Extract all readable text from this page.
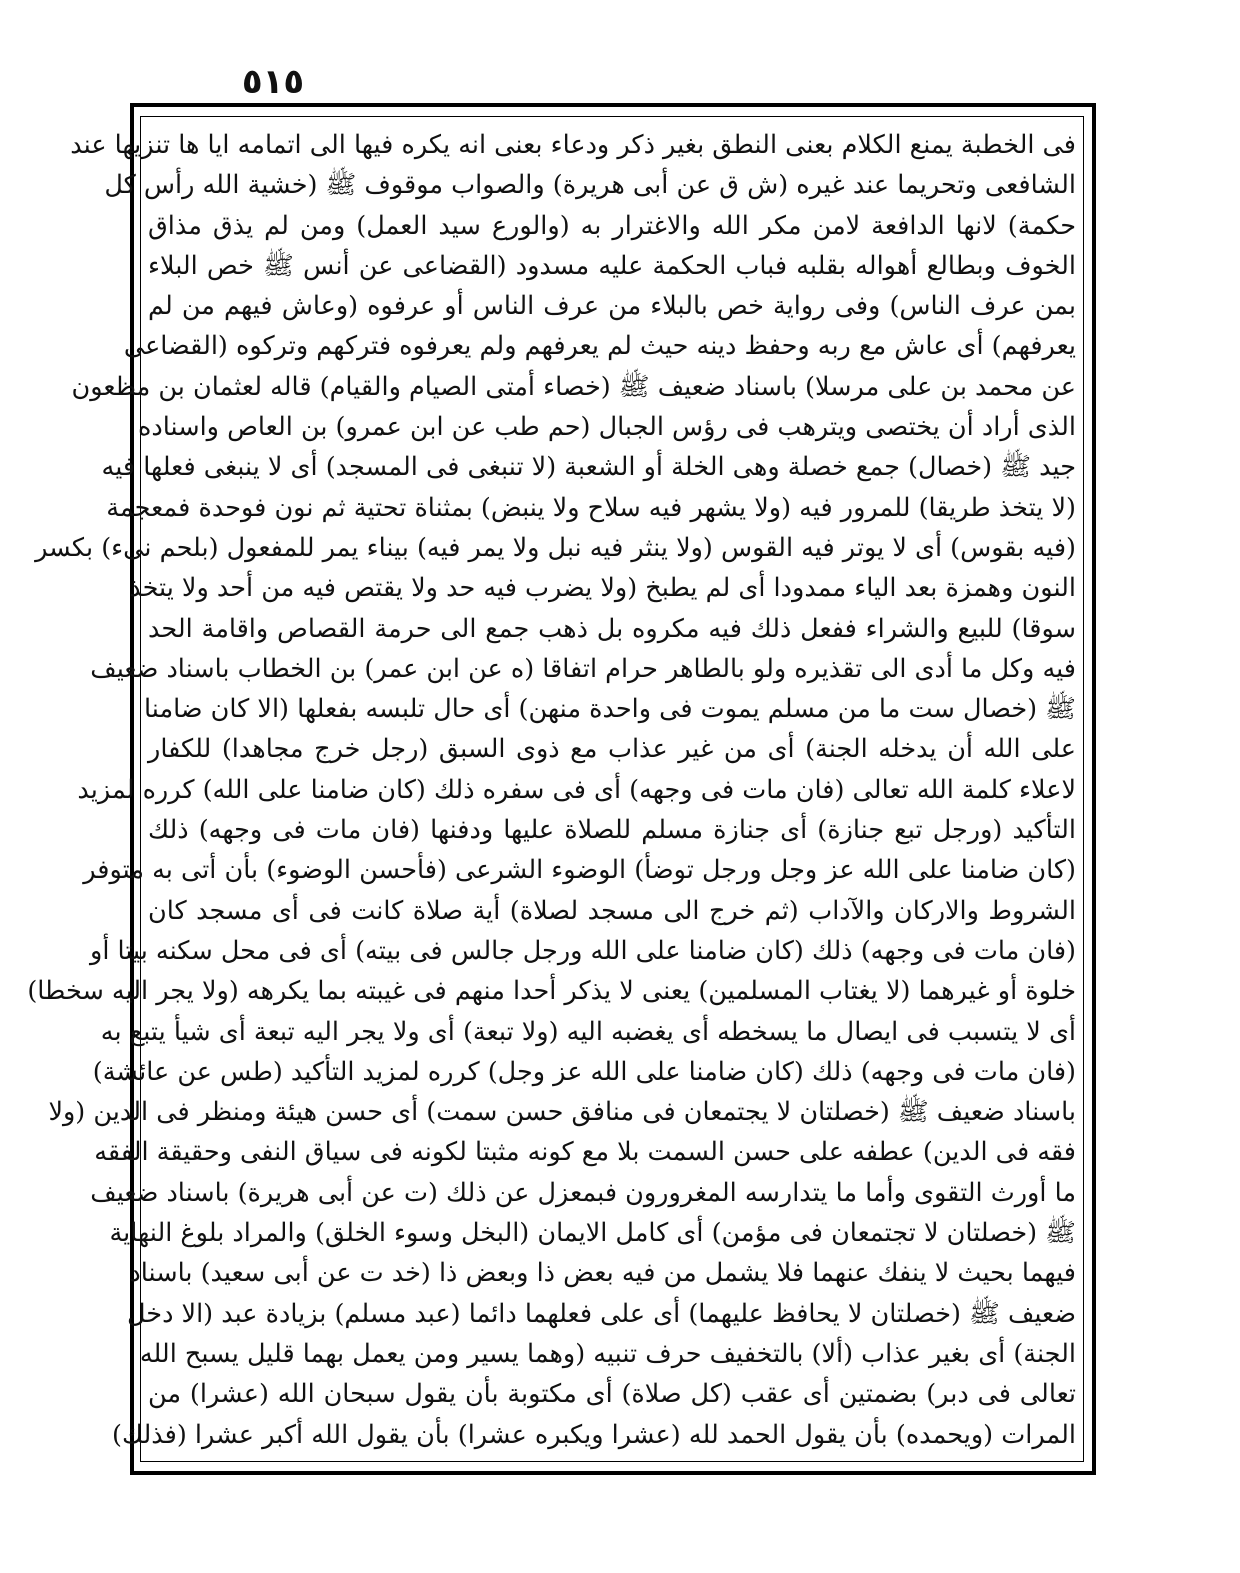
٥١٥
فى الخطبة يمنع الكلام بعنى النطق بغير ذكر ودعاء بعنى انه يكره فيها الى اتمامه ايا ها تنزيها عند
الشافعى وتحريما عند غيره (ش ق عن أبى هريرة) والصواب موقوف ﷺ (خشية الله رأس كل
حكمة) لانها الدافعة لامن مكر الله والاغترار به (والورع سيد العمل) ومن لم يذق مذاق
الخوف وبطالع أهواله بقلبه فباب الحكمة عليه مسدود (القضاعى عن أنس ﷺ خص البلاء
بمن عرف الناس) وفى رواية خص بالبلاء من عرف الناس أو عرفوه (وعاش فيهم من لم
يعرفهم) أى عاش مع ربه وحفظ دينه حيث لم يعرفهم ولم يعرفوه فتركهم وتركوه (القضاعى
عن محمد بن على مرسلا) باسناد ضعيف ﷺ (خصاء أمتى الصيام والقيام) قاله لعثمان بن مظعون
الذى أراد أن يختصى ويترهب فى رؤس الجبال (حم طب عن ابن عمرو) بن العاص واسناده
جيد ﷺ (خصال) جمع خصلة وهى الخلة أو الشعبة (لا تنبغى فى المسجد) أى لا ينبغى فعلها فيه
(لا يتخذ طريقا) للمرور فيه (ولا يشهر فيه سلاح ولا ينبض) بمثناة تحتية ثم نون فوحدة فمعجمة
(فيه بقوس) أى لا يوتر فيه القوس (ولا ينثر فيه نبل ولا يمر فيه) بيناء يمر للمفعول (بلحم نىء) بكسر
النون وهمزة بعد الياء ممدودا أى لم يطبخ (ولا يضرب فيه حد ولا يقتص فيه من أحد ولا يتخذ
سوقا) للبيع والشراء ففعل ذلك فيه مكروه بل ذهب جمع الى حرمة القصاص واقامة الحد
فيه وكل ما أدى الى تقذيره ولو بالطاهر حرام اتفاقا (ه عن ابن عمر) بن الخطاب باسناد ضعيف
ﷺ (خصال ست ما من مسلم يموت فى واحدة منهن) أى حال تلبسه بفعلها (الا كان ضامنا
على الله أن يدخله الجنة) أى من غير عذاب مع ذوى السبق (رجل خرج مجاهدا) للكفار
لاعلاء كلمة الله تعالى (فان مات فى وجهه) أى فى سفره ذلك (كان ضامنا على الله) كرره لمزيد
التأكيد (ورجل تبع جنازة) أى جنازة مسلم للصلاة عليها ودفنها (فان مات فى وجهه) ذلك
(كان ضامنا على الله عز وجل ورجل توضأ) الوضوء الشرعى (فأحسن الوضوء) بأن أتى به متوفر
الشروط والاركان والآداب (ثم خرج الى مسجد لصلاة) أية صلاة كانت فى أى مسجد كان
(فان مات فى وجهه) ذلك (كان ضامنا على الله ورجل جالس فى بيته) أى فى محل سكنه بيتا أو
خلوة أو غيرهما (لا يغتاب المسلمين) يعنى لا يذكر أحدا منهم فى غيبته بما يكرهه (ولا يجر اليه سخطا)
أى لا يتسبب فى ايصال ما يسخطه أى يغضبه اليه (ولا تبعة) أى ولا يجر اليه تبعة أى شيأ يتبع به
(فان مات فى وجهه) ذلك (كان ضامنا على الله عز وجل) كرره لمزيد التأكيد (طس عن عائشة)
باسناد ضعيف ﷺ (خصلتان لا يجتمعان فى منافق حسن سمت) أى حسن هيئة ومنظر فى الدين (ولا
فقه فى الدين) عطفه على حسن السمت بلا مع كونه مثبتا لكونه فى سياق النفى وحقيقة الفقه
ما أورث التقوى وأما ما يتدارسه المغرورون فبمعزل عن ذلك (ت عن أبى هريرة) باسناد ضعيف
ﷺ (خصلتان لا تجتمعان فى مؤمن) أى كامل الايمان (البخل وسوء الخلق) والمراد بلوغ النهاية
فيهما بحيث لا ينفك عنهما فلا يشمل من فيه بعض ذا وبعض ذا (خد ت عن أبى سعيد) باسناد
ضعيف ﷺ (خصلتان لا يحافظ عليهما) أى على فعلهما دائما (عبد مسلم) بزيادة عبد (الا دخل
الجنة) أى بغير عذاب (ألا) بالتخفيف حرف تنبيه (وهما يسير ومن يعمل بهما قليل يسبح الله
تعالى فى دبر) بضمتين أى عقب (كل صلاة) أى مكتوبة بأن يقول سبحان الله (عشرا) من
المرات (ويحمده) بأن يقول الحمد لله (عشرا ويكبره عشرا) بأن يقول الله أكبر عشرا (فذلك)
